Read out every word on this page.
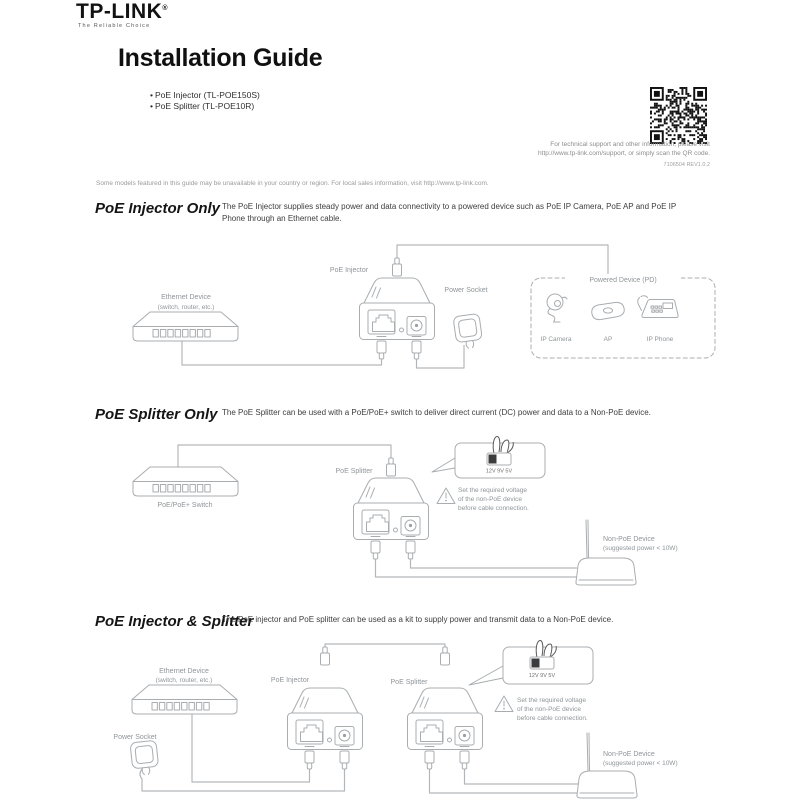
TP-LINK®
The Reliable Choice
Installation Guide
• PoE Injector (TL-POE150S)
• PoE Splitter (TL-POE10R)
For technical support and other information, please visit
http://www.tp-link.com/support, or simply scan the QR code.
7106504 REV1.0.2
Some models featured in this guide may be unavailable in your country or region. For local sales information, visit http://www.tp-link.com.
PoE Injector Only The PoE Injector supplies steady power and data connectivity to a powered device such as PoE IP Camera, PoE AP and PoE IP Phone through an Ethernet cable.

PoE Splitter Only The PoE Splitter can be used with a PoE/PoE+ switch to deliver direct current (DC) power and data to a Non-PoE device.

PoE Injector & Splitter

The PoE injector and PoE splitter can be used as a kit to supply power and transmit data to a Non-PoE device.

Ethernet Device
(switch, router, etc.)
PoE Injector
Power Socket
Powered Device (PD)
IP Camera	AP	IP Phone
PoE/PoE+ Switch
PoE Splitter	12V 9V 5V
Set the required voltage
of the non-PoE device
before cable connection.
Non-PoE Device
(suggested power < 10W)
Ethernet Device
(switch, router, etc.)
Power Socket
PoE Injector	PoE Splitter
12V 9V 5V
Set the required voltage
of the non-PoE device
before cable connection.
Non-PoE Device
(suggested power < 10W)
